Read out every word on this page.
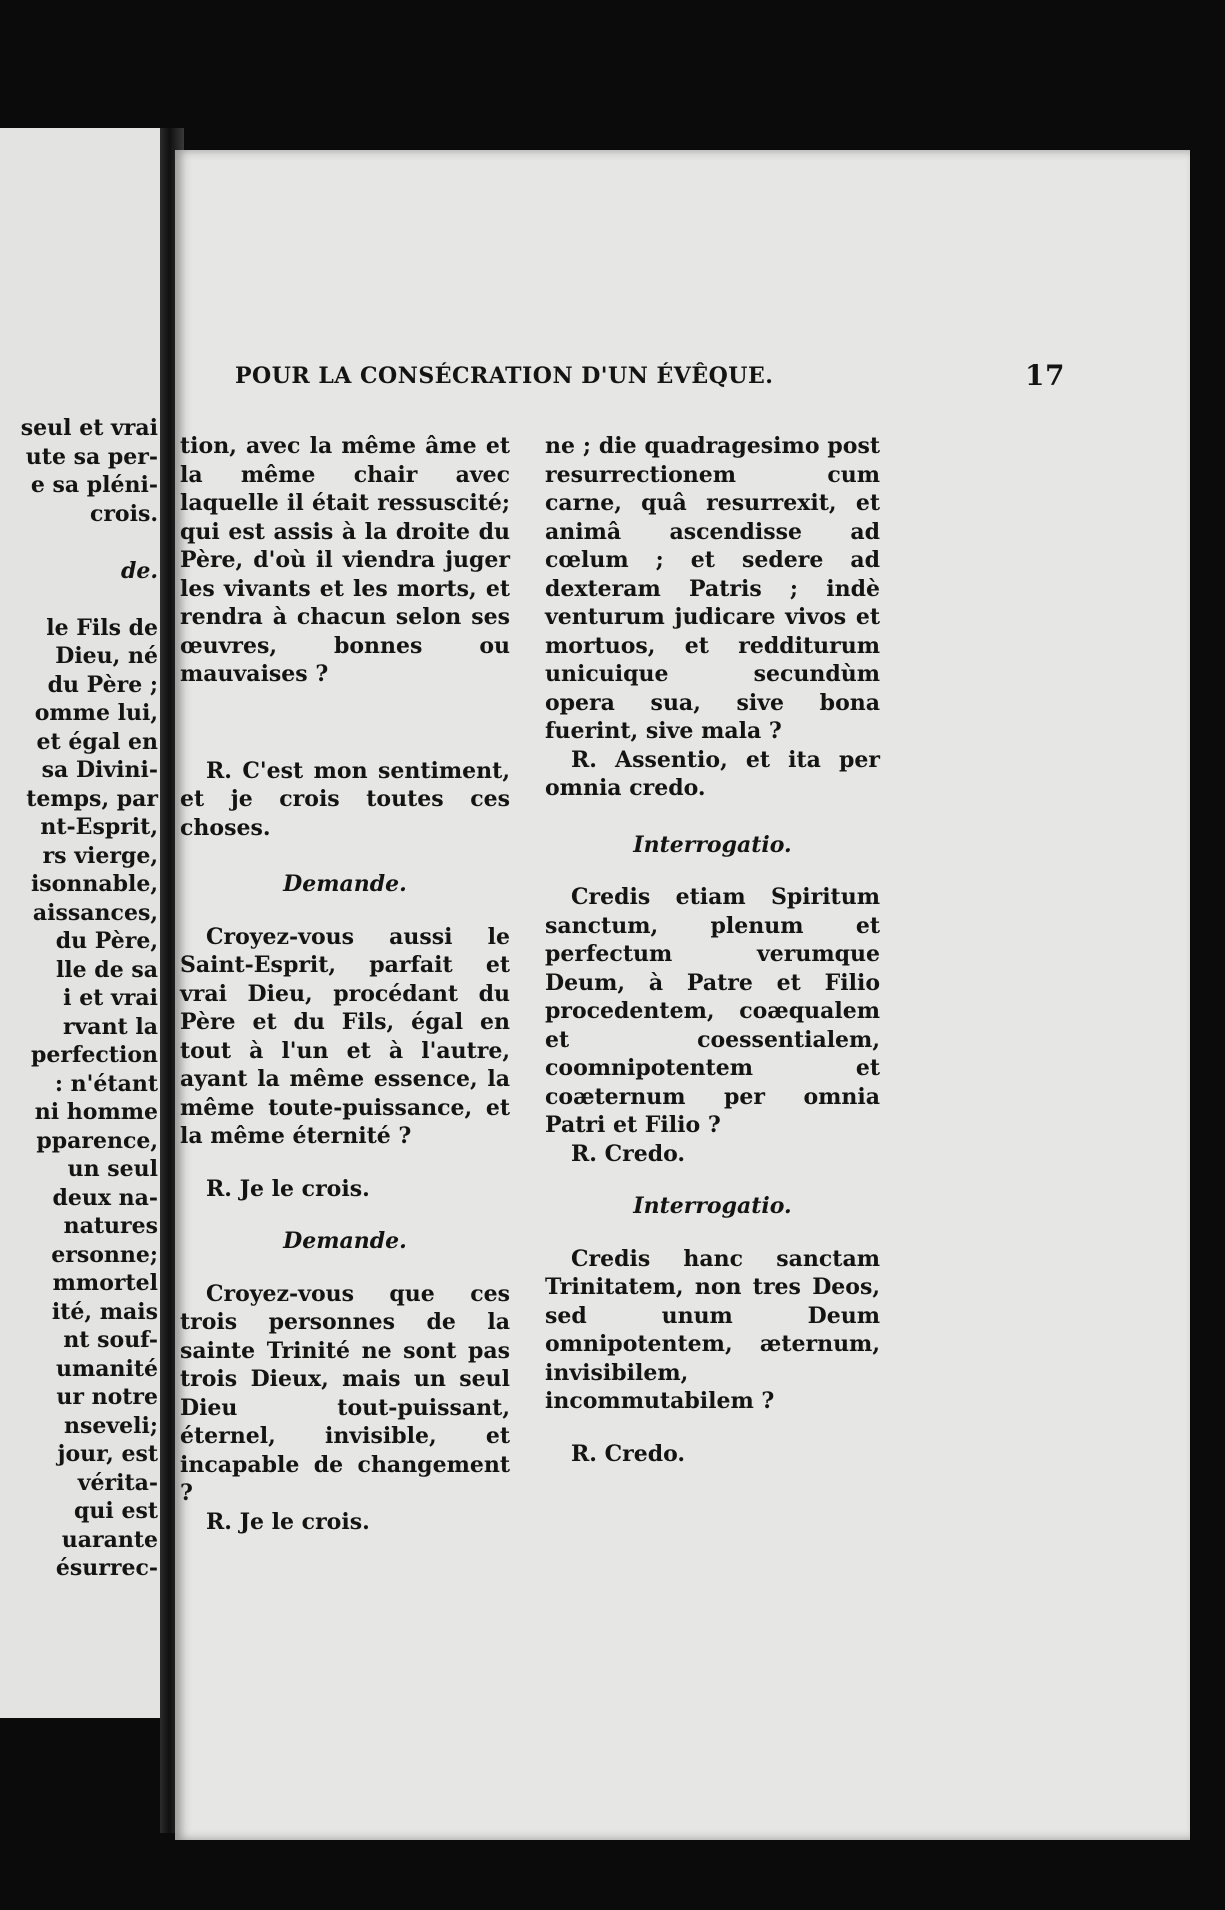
seul et vrai
ute sa per-
e sa pléni-
crois.
de.
le Fils de
Dieu, né
du Père ;
omme lui,
et égal en
sa Divini-
temps, par
nt-Esprit,
rs vierge,
isonnable,
aissances,
du Père,
lle de sa
i et vrai
rvant la
perfection
: n'étant
ni homme
pparence,
un seul
deux na-
natures
ersonne;
mmortel
ité, mais
nt souf-
umanité
ur notre
nseveli;
jour, est
vérita-
qui est
uarante
ésurrec-
POUR LA CONSÉCRATION D'UN ÉVÊQUE.	17

tion, avec la même âme et la même chair avec laquelle il était ressuscité; qui est assis à la droite du Père, d'où il viendra juger les vivants et les morts, et rendra à chacun selon ses œuvres, bonnes ou mauvaises ?

R. C'est mon sentiment, et je crois toutes ces choses.

Demande.

Croyez-vous aussi le Saint-Esprit, parfait et vrai Dieu, procédant du Père et du Fils, égal en tout à l'un et à l'autre, ayant la même essence, la même toute-puissance, et la même éternité ?

R. Je le crois.

Demande.

Croyez-vous que ces trois personnes de la sainte Trinité ne sont pas trois Dieux, mais un seul Dieu tout-puissant, éternel, invisible, et incapable de changement ?

R. Je le crois.

ne ; die quadragesimo post resurrectionem cum carne, quâ resurrexit, et animâ ascendisse ad cœlum ; et sedere ad dexteram Patris ; indè venturum judicare vivos et mortuos, et redditurum unicuique secundùm opera sua, sive bona fuerint, sive mala ?

R. Assentio, et ita per omnia credo.

Interrogatio.

Credis etiam Spiritum sanctum, plenum et perfectum verumque Deum, à Patre et Filio procedentem, coæqualem et coessentialem, coomnipotentem et coæternum per omnia Patri et Filio ?

R. Credo.

Interrogatio.

Credis hanc sanctam Trinitatem, non tres Deos, sed unum Deum omnipotentem, æternum, invisibilem, incommutabilem ?

R. Credo.
